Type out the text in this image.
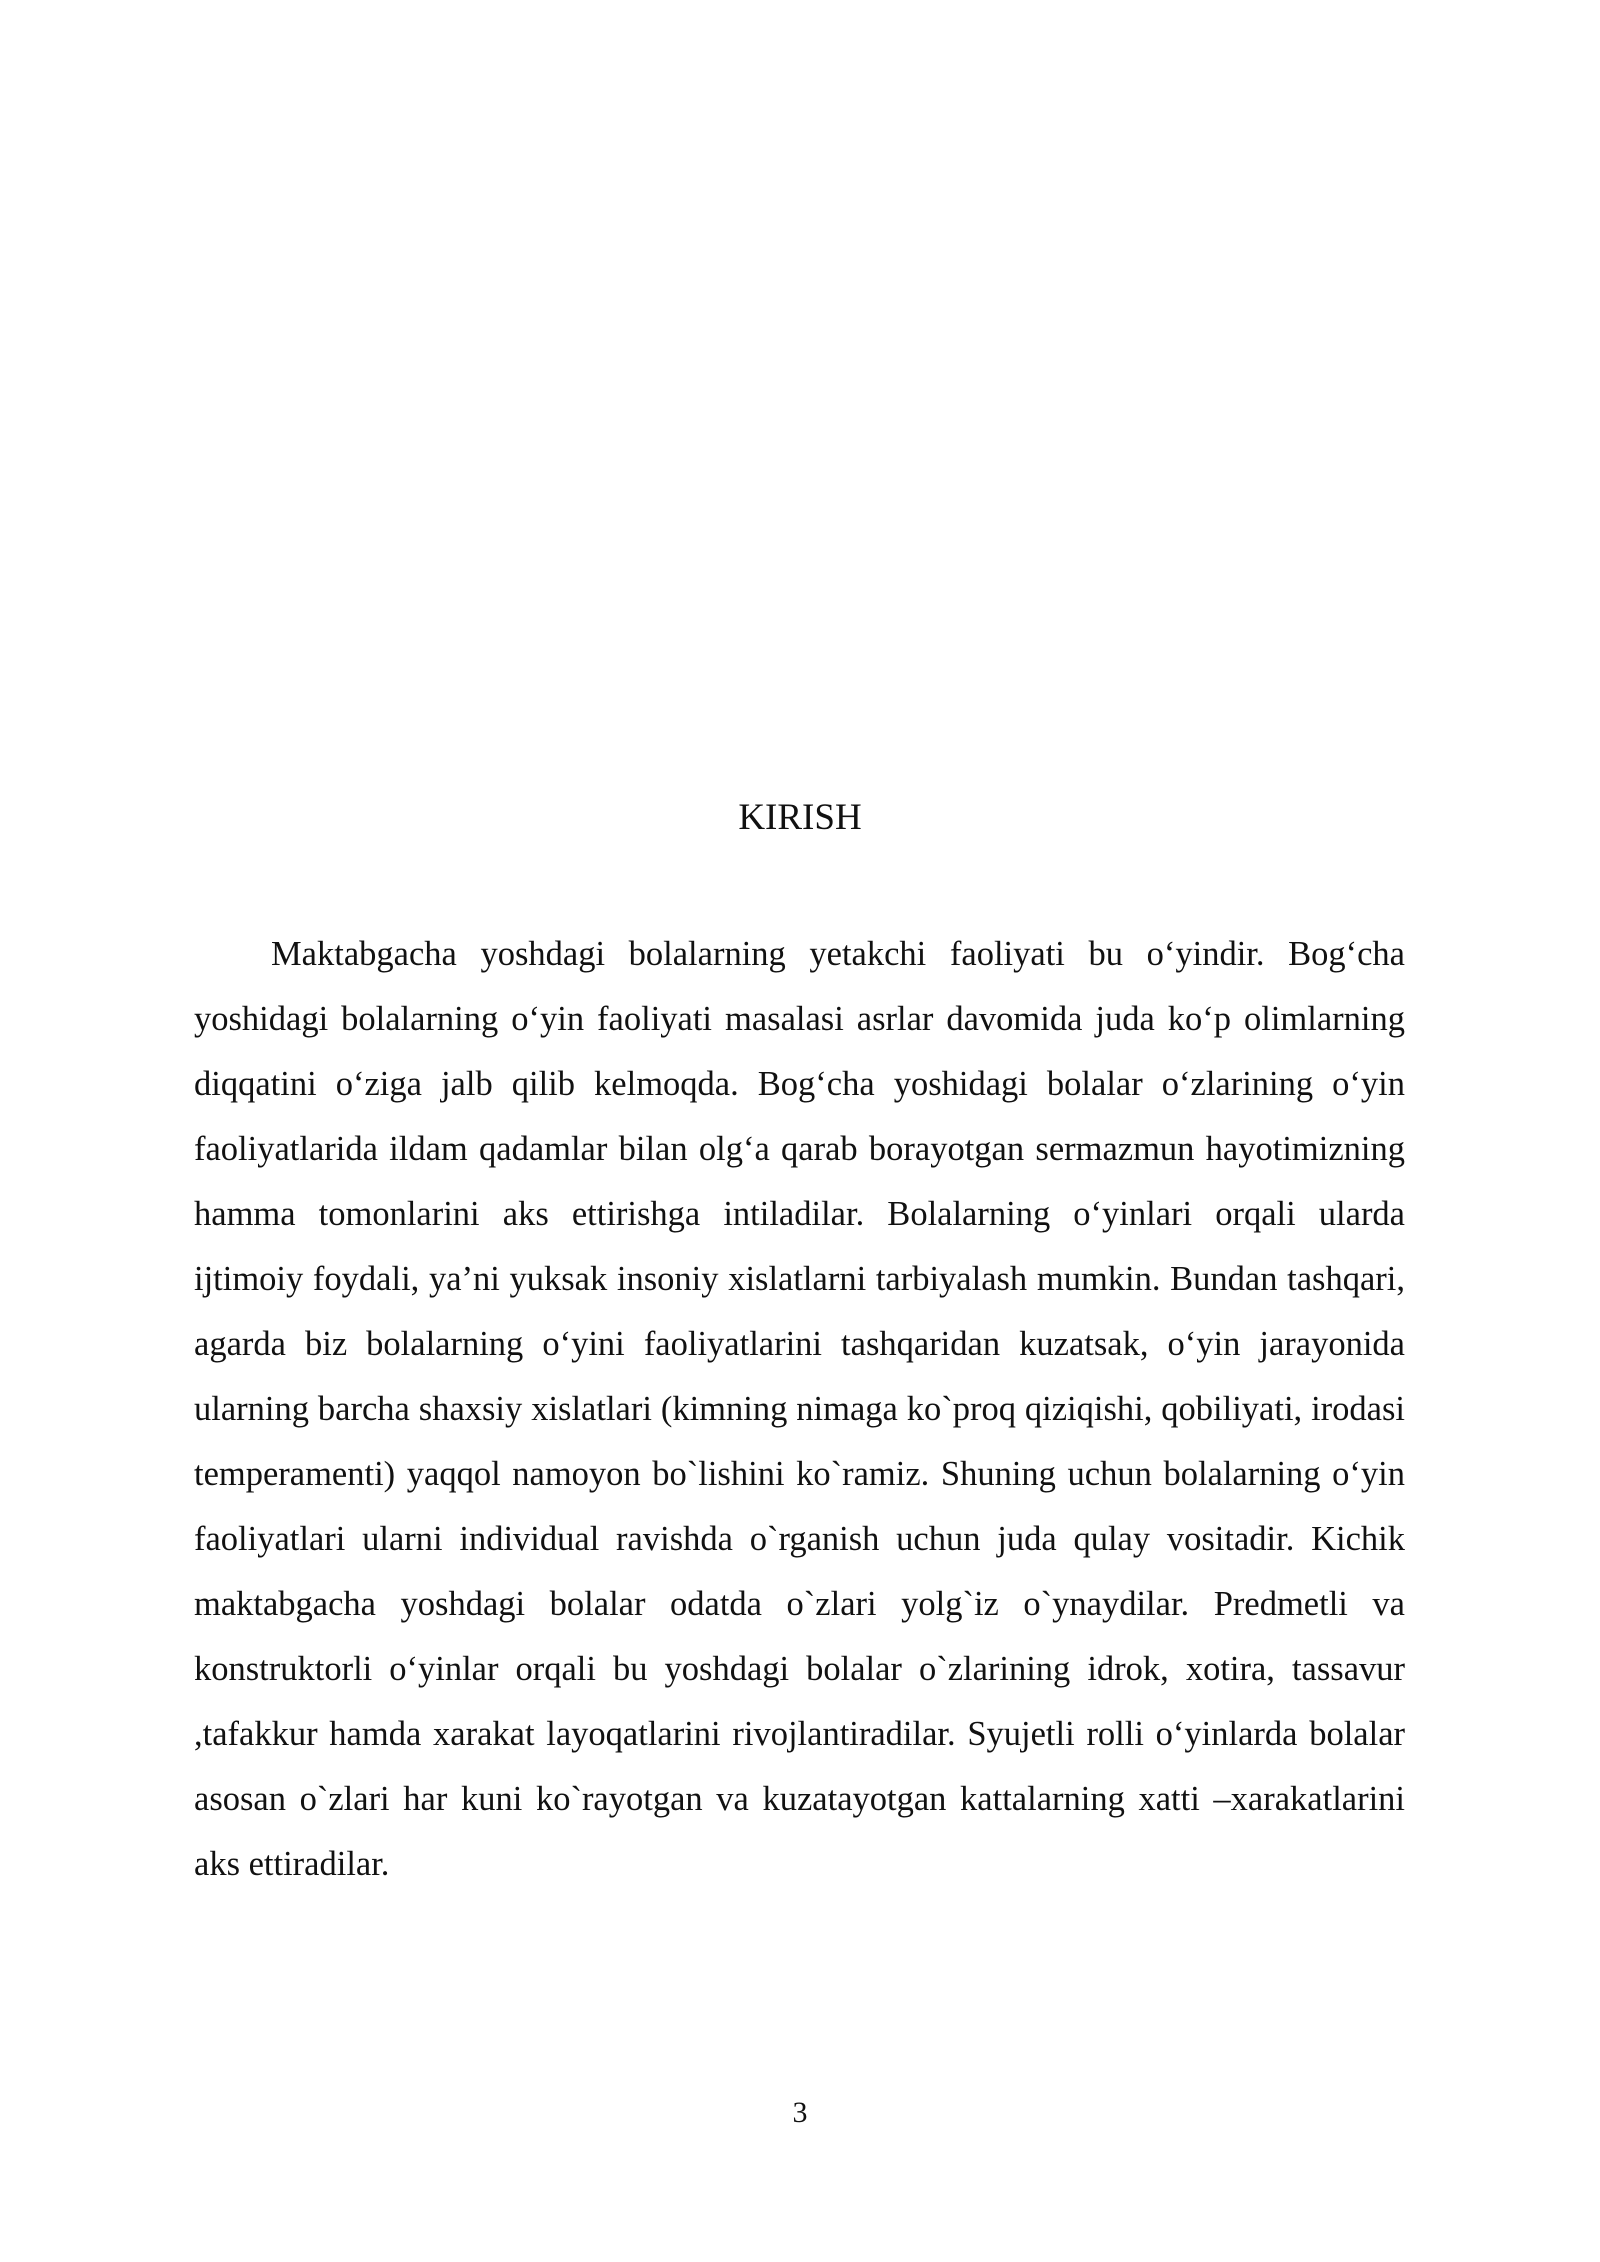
KIRISH

Maktabgacha yoshdagi bolalarning yetakchi faoliyati bu o‘yindir. Bog‘cha yoshidagi bolalarning o‘yin faoliyati masalasi asrlar davomida juda ko‘p olimlarning diqqatini o‘ziga jalb qilib kelmoqda. Bog‘cha yoshidagi bolalar o‘zlarining o‘yin faoliyatlarida ildam qadamlar bilan olg‘a qarab borayotgan sermazmun hayotimizning hamma tomonlarini aks ettirishga intiladilar. Bolalarning o‘yinlari orqali ularda ijtimoiy foydali, ya’ni yuksak insoniy xislatlarni tarbiyalash mumkin. Bundan tashqari, agarda biz bolalarning o‘yini faoliyatlarini tashqaridan kuzatsak, o‘yin jarayonida ularning barcha shaxsiy xislatlari (kimning nimaga ko`proq qiziqishi, qobiliyati, irodasi temperamenti) yaqqol namoyon bo`lishini ko`ramiz. Shuning uchun bolalarning o‘yin faoliyatlari ularni individual ravishda o`rganish uchun juda qulay vositadir. Kichik maktabgacha yoshdagi bolalar odatda o`zlari yolg`iz o`ynaydilar. Predmetli va konstruktorli o‘yinlar orqali bu yoshdagi bolalar o`zlarining idrok, xotira, tassavur ,tafakkur hamda xarakat layoqatlarini rivojlantiradilar. Syujetli rolli o‘yinlarda bolalar asosan o`zlari har kuni ko`rayotgan va kuzatayotgan kattalarning xatti –xarakatlarini aks ettiradilar.

3
